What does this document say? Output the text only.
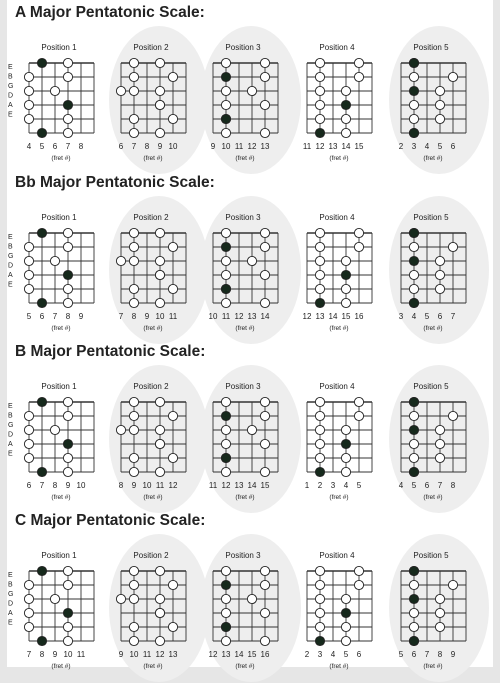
A Major Pentatonic Scale:
Position 1
E
B
G
D
A
E
4 5 6 7 8
(fret #)
Position 2
6 7 8 9 10
(fret #)
Position 3
9 10 11 12 13
(fret #)
Position 4
11 12 13 14 15
(fret #)
Position 5
2 3 4 5 6
(fret #)
Bb Major Pentatonic Scale:
Position 1
E
B
G
D
A
E
5 6 7 8 9
(fret #)
Position 2
7 8 9 10 11
(fret #)
Position 3
10 11 12 13 14
(fret #)
Position 4
12 13 14 15 16
(fret #)
Position 5
3 4 5 6 7
(fret #)
B Major Pentatonic Scale:
Position 1
E
B
G
D
A
E
6 7 8 9 10
(fret #)
Position 2
8 9 10 11 12
(fret #)
Position 3
11 12 13 14 15
(fret #)
Position 4
1 2 3 4 5
(fret #)
Position 5
4 5 6 7 8
(fret #)
C Major Pentatonic Scale:
Position 1
E
B
G
D
A
E
7 8 9 10 11
(fret #)
Position 2
9 10 11 12 13
(fret #)
Position 3
12 13 14 15 16
(fret #)
Position 4
2 3 4 5 6
(fret #)
Position 5
5 6 7 8 9
(fret #)
